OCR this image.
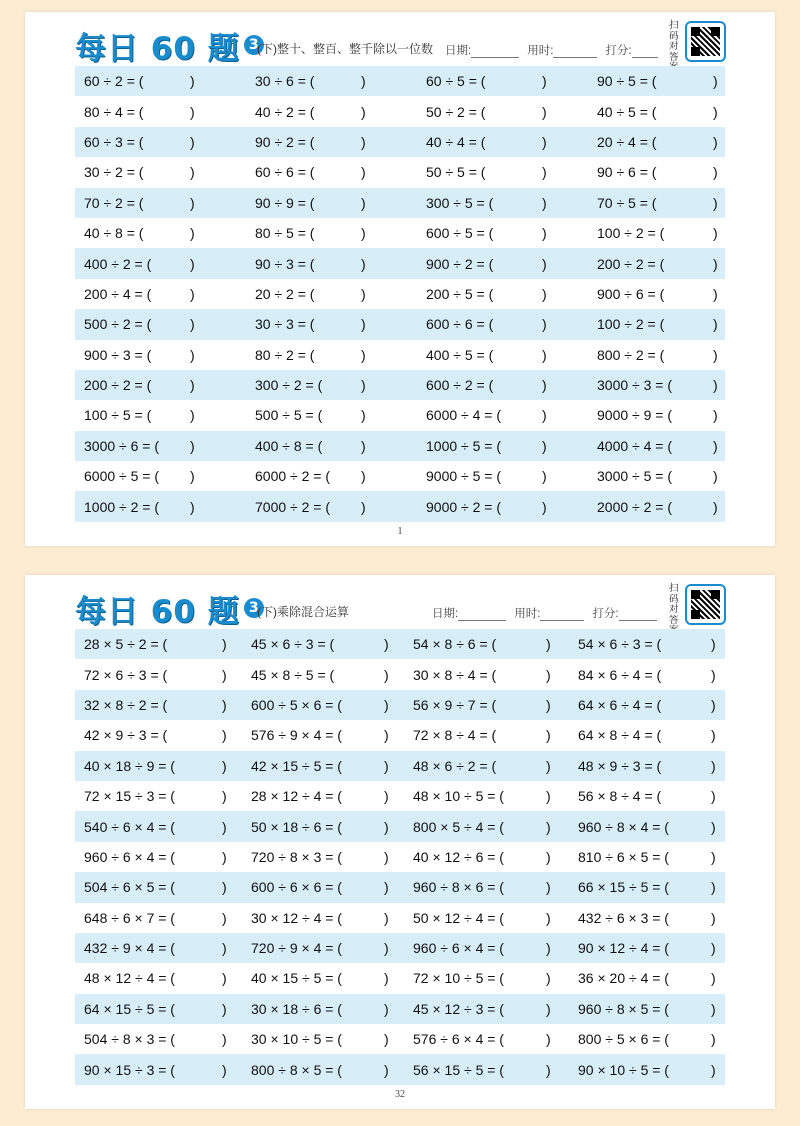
每日 60 题 3
(下)整十、整百、整千除以一位数 日期:	用时:	打分:
扫码对答
60 ÷ 2 = (	)	30 ÷ 6 = (	)	60 ÷ 5 = (	)	90 ÷ 5 = (	)
80 ÷ 4 = (	)	40 ÷ 2 = (	)	50 ÷ 2 = (	)	40 ÷ 5 = (	)
60 ÷ 3 = (	)	90 ÷ 2 = (	)	40 ÷ 4 = (	)	20 ÷ 4 = (	)
30 ÷ 2 = (	)	60 ÷ 6 = (	)	50 ÷ 5 = (	)	90 ÷ 6 = (	)
70 ÷ 2 = (	)	90 ÷ 9 = (	)	300 ÷ 5 = (	)	70 ÷ 5 = (	)
40 ÷ 8 = (	)	80 ÷ 5 = (	)	600 ÷ 5 = (	)	100 ÷ 2 = (	)
400 ÷ 2 = (	)	90 ÷ 3 = (	)	900 ÷ 2 = (	)	200 ÷ 2 = (	)
200 ÷ 4 = (	)	20 ÷ 2 = (	)	200 ÷ 5 = (	)	900 ÷ 6 = (	)
500 ÷ 2 = (	)	30 ÷ 3 = (	)	600 ÷ 6 = (	)	100 ÷ 2 = (	)
900 ÷ 3 = (	)	80 ÷ 2 = (	)	400 ÷ 5 = (	)	800 ÷ 2 = (	)
200 ÷ 2 = (	)	300 ÷ 2 = (	)	600 ÷ 2 = (	)	3000 ÷ 3 = (	)
100 ÷ 5 = (	)	500 ÷ 5 = (	)	6000 ÷ 4 = (	)	9000 ÷ 9 = (	)
3000 ÷ 6 = ( )	400 ÷ 8 = (	)	1000 ÷ 5 = (	)	4000 ÷ 4 = (	)
6000 ÷ 5 = ( )	6000 ÷ 2 = ( )	9000 ÷ 5 = (	)	3000 ÷ 5 = (	)
1000 ÷ 2 = ( )	7000 ÷ 2 = ( )	9000 ÷ 2 = (	)	2000 ÷ 2 = (	)
1
每日 60 题 3
(下)乘除混合运算	日期:	用时:	打分:
扫码对答
28 × 5 ÷ 2 = (	)	45 × 6 ÷ 3 = (	)	54 × 8 ÷ 6 = (	)	54 × 6 ÷ 3 = (	)
72 × 6 ÷ 3 = (	)	45 × 8 ÷ 5 = (	)	30 × 8 ÷ 4 = (	)	84 × 6 ÷ 4 = (	)
32 × 8 ÷ 2 = (	)	600 ÷ 5 × 6 = (	)	56 × 9 ÷ 7 = (	)	64 × 6 ÷ 4 = (	)
42 × 9 ÷ 3 = (	)	576 ÷ 9 × 4 = (	)	72 × 8 ÷ 4 = (	)	64 × 8 ÷ 4 = (	)
40 × 18 ÷ 9 = (	)	42 × 15 ÷ 5 = (	)	48 × 6 ÷ 2 = (	)	48 × 9 ÷ 3 = (	)
72 × 15 ÷ 3 = (	)	28 × 12 ÷ 4 = (	)	48 × 10 ÷ 5 = (	)	56 × 8 ÷ 4 = (	)
540 ÷ 6 × 4 = (	)	50 × 18 ÷ 6 = (	)	800 × 5 ÷ 4 = (	)	960 ÷ 8 × 4 = (	)
960 ÷ 6 × 4 = (	)	720 ÷ 8 × 3 = (	)	40 × 12 ÷ 6 = (	)	810 ÷ 6 × 5 = (	)
504 ÷ 6 × 5 = (	)	600 ÷ 6 × 6 = (	)	960 ÷ 8 × 6 = (	)	66 × 15 ÷ 5 = (	)
648 ÷ 6 × 7 = (	)	30 × 12 ÷ 4 = (	)	50 × 12 ÷ 4 = (	)	432 ÷ 6 × 3 = (	)
432 ÷ 9 × 4 = (	)	720 ÷ 9 × 4 = (	)	960 ÷ 6 × 4 = (	)	90 × 12 ÷ 4 = (	)
48 × 12 ÷ 4 = (	)	40 × 15 ÷ 5 = (	)	72 × 10 ÷ 5 = (	)	36 × 20 ÷ 4 = (	)
64 × 15 ÷ 5 = (	)	30 × 18 ÷ 6 = (	)	45 × 12 ÷ 3 = (	)	960 ÷ 8 × 5 = (	)
504 ÷ 8 × 3 = (	)	30 × 10 ÷ 5 = (	)	576 ÷ 6 × 4 = (	)	800 ÷ 5 × 6 = (	)
90 × 15 ÷ 3 = (	)	800 ÷ 8 × 5 = (	)	56 × 15 ÷ 5 = (	)	90 × 10 ÷ 5 = (	)
32
